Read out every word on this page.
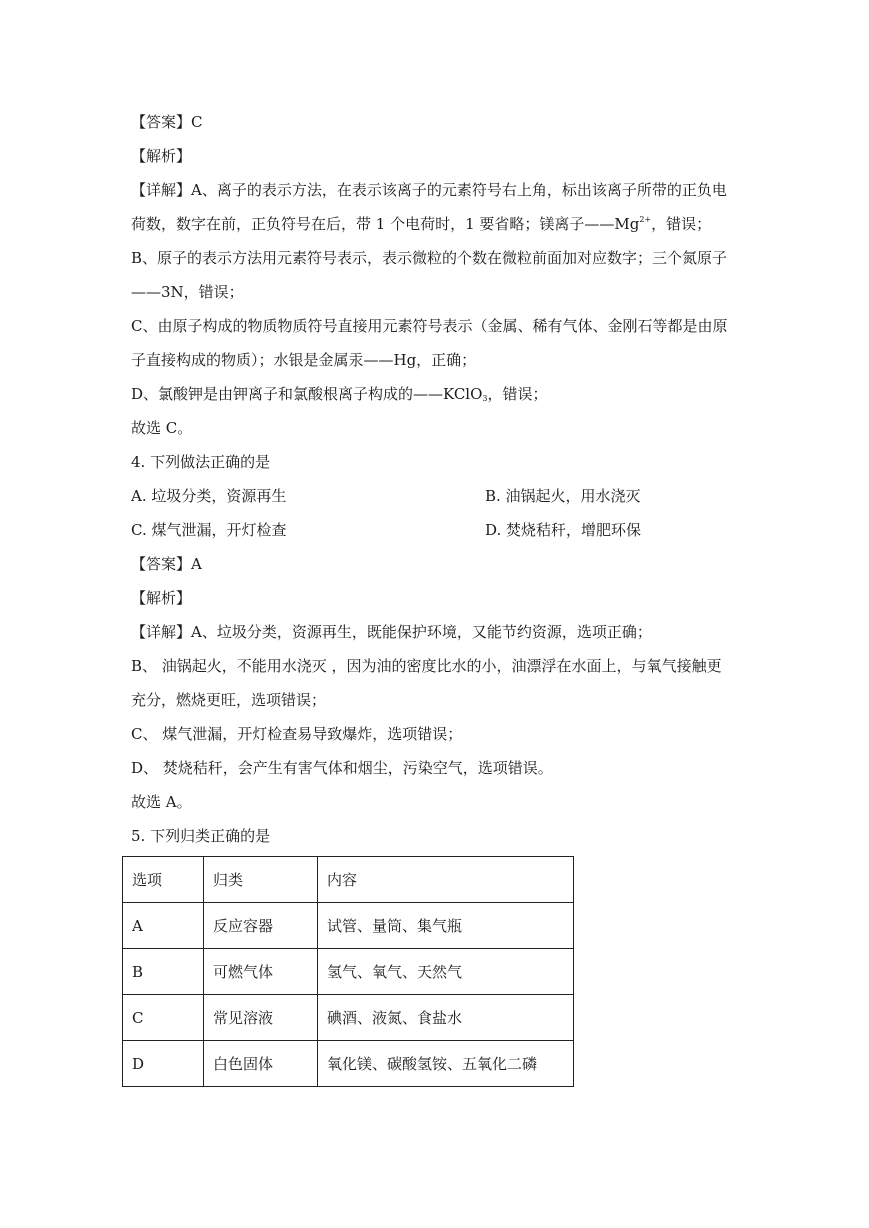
【答案】C
【解析】
【详解】A、离子的表示方法，在表示该离子的元素符号右上角，标出该离子所带的正负电
荷数，数字在前，正负符号在后，带 1 个电荷时，1 要省略；镁离子$——Mg^{2+}$，错误；
B、原子的表示方法用元素符号表示，表示微粒的个数在微粒前面加对应数字；三个氮原子
——3N，错误；
C、由原子构成的物质物质符号直接用元素符号表示（金属、稀有气体、金刚石等都是由原
子直接构成的物质）；水银是金属汞——Hg，正确；
D、氯酸钾是由钾离子和氯酸根离子构成的——KClO$_3$，错误；
故选 C。
4. 下列做法正确的是
A. 垃圾分类，资源再生	B. 油锅起火，用水浇灭
C. 煤气泄漏，开灯检查	D. 焚烧秸秆，增肥环保
【答案】A
【解析】
【详解】A、垃圾分类，资源再生，既能保护环境，又能节约资源，选项正确；
B、 油锅起火，不能用水浇灭 ，因为油的密度比水的小，油漂浮在水面上，与氧气接触更
充分，燃烧更旺，选项错误；
C、 煤气泄漏，开灯检查易导致爆炸，选项错误；
D、 焚烧秸秆，会产生有害气体和烟尘，污染空气，选项错误。
故选 A。
5. 下列归类正确的是
选项	归类	内容
A	反应容器	试管、量筒、集气瓶
B	可燃气体	氢气、氧气、天然气
C	常见溶液	碘酒、液氮、食盐水
D	白色固体	氧化镁、碳酸氢铵、五氧化二磷
